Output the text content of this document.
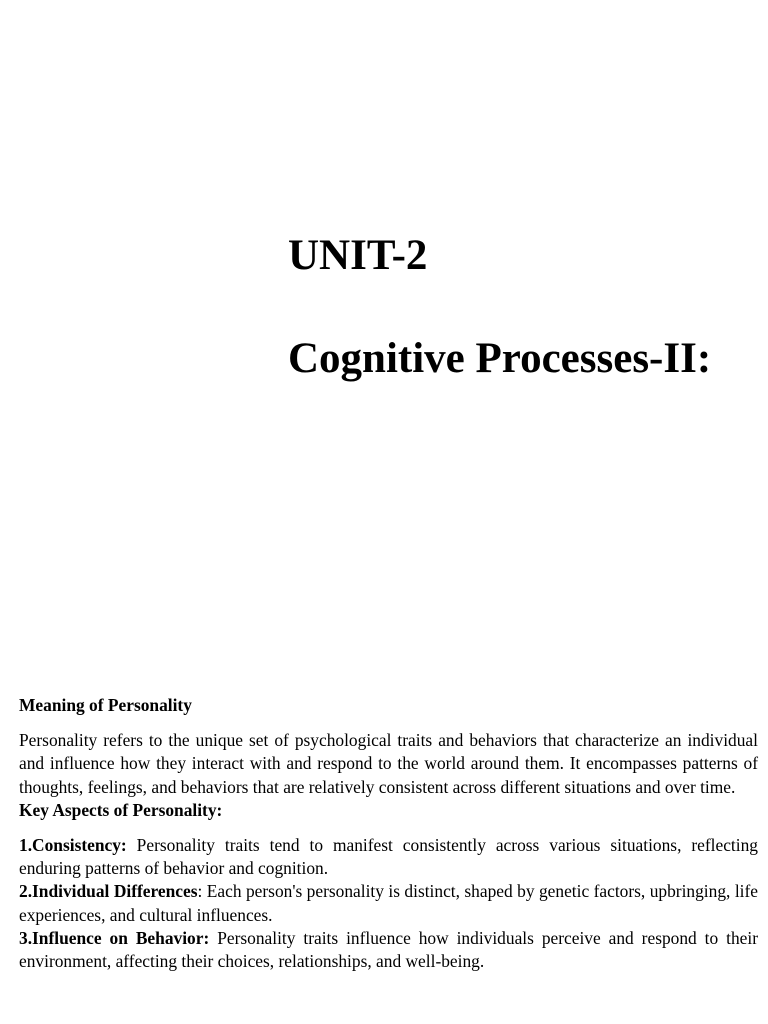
UNIT-2
Cognitive Processes-II:

Meaning of Personality

Personality refers to the unique set of psychological traits and behaviors that characterize an individual and influence how they interact with and respond to the world around them. It encompasses patterns of thoughts, feelings, and behaviors that are relatively consistent across different situations and over time.

Key Aspects of Personality:

1.Consistency: Personality traits tend to manifest consistently across various situations, reflecting enduring patterns of behavior and cognition.

2.Individual Differences: Each person's personality is distinct, shaped by genetic factors, upbringing, life experiences, and cultural influences.

3.Influence on Behavior: Personality traits influence how individuals perceive and respond to their environment, affecting their choices, relationships, and well-being.
